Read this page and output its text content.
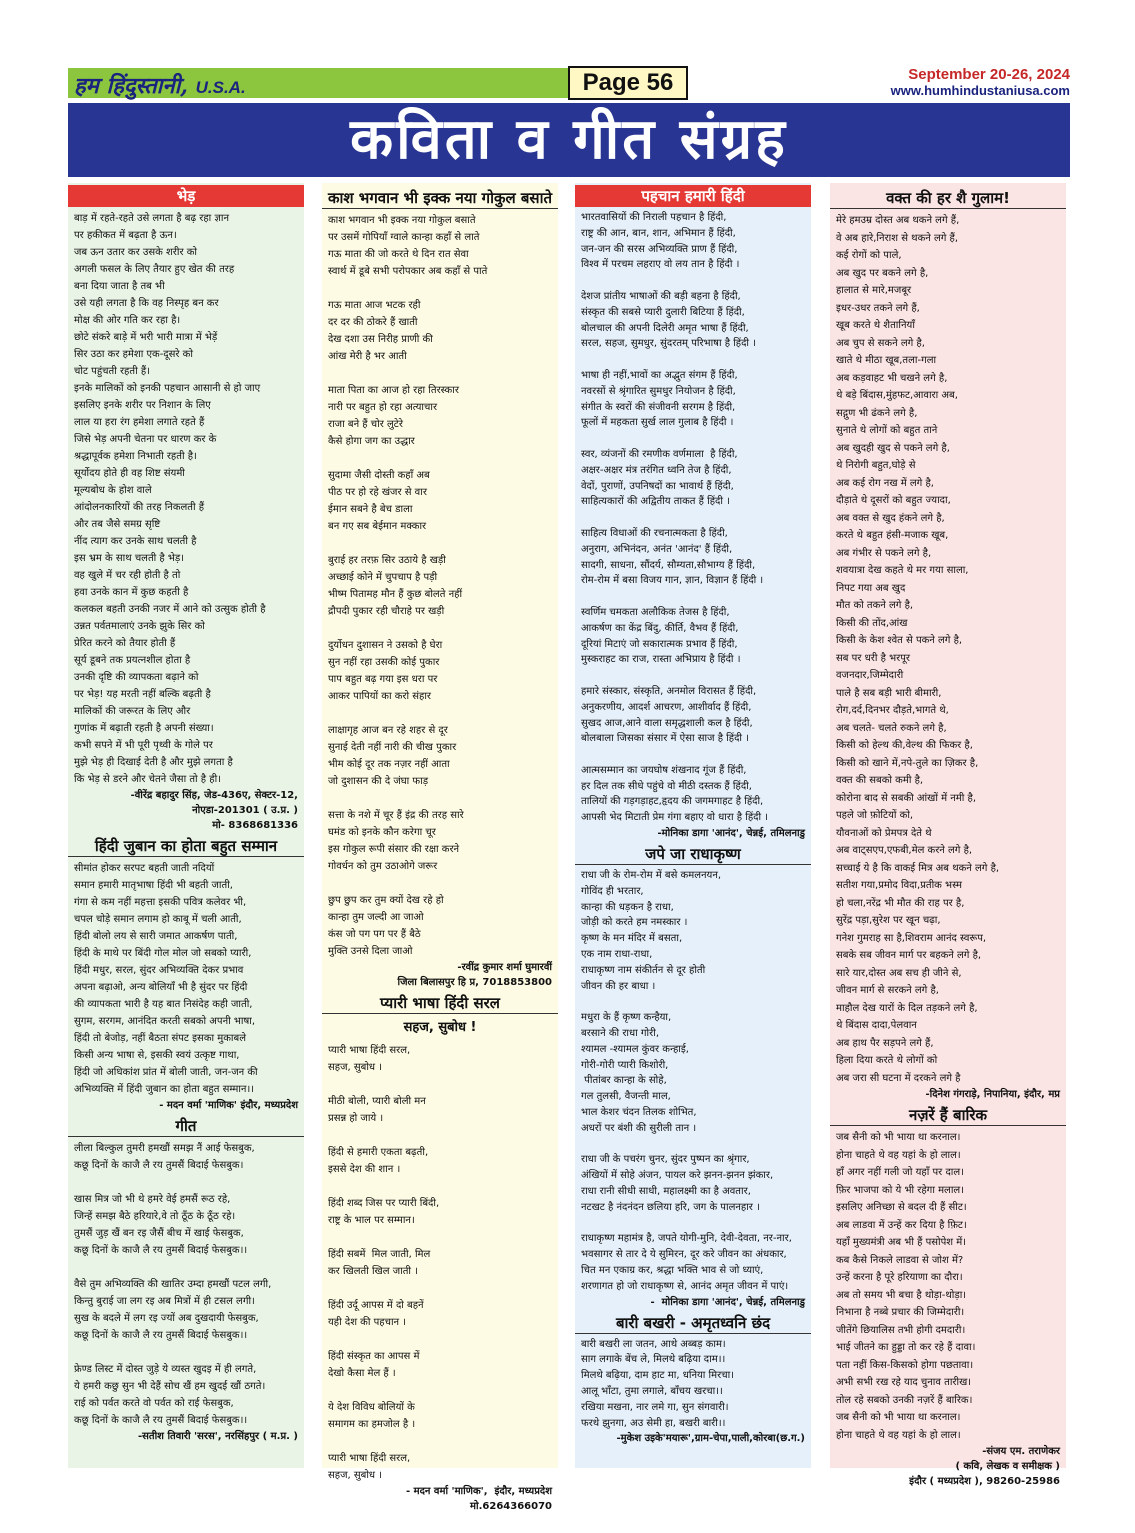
हम हिंदुस्तानी, U.S.A.	Page 56	September 20-26, 2024
www.humhindustaniusa.com
कविता व गीत संग्रह
भेड़
बाड़ में रहते-रहते उसे लगता है बढ़ रहा ज्ञान
पर हकीकत में बढ़ता है ऊन।
जब ऊन उतार कर उसके शरीर को
अगली फसल के लिए तैयार हुए खेत की तरह
बना दिया जाता है तब भी
उसे यही लगता है कि वह निस्पृह बन कर
मोक्ष की ओर गति कर रहा है।
छोटे संकरे बाड़े में भरी भारी मात्रा में भेड़ें
सिर उठा कर हमेशा एक-दूसरे को
चोट पहुंचती रहती हैं।
इनके मालिकों को इनकी पहचान आसानी से हो जाए
इसलिए इनके शरीर पर निशान के लिए
लाल या हरा रंग हमेशा लगाते रहते हैं
जिसे भेड़ अपनी चेतना पर धारण कर के
श्रद्धापूर्वक हमेशा निभाती रहती है।
सूर्योदय होते ही वह शिष्ट संयमी
मूल्यबोध के होश वाले
आंदोलनकारियों की तरह निकलती हैं
और तब जैसे समग्र सृष्टि
नींद त्याग कर उनके साथ चलती है
इस भ्रम के साथ चलती है भेड़।
वह खुले में चर रही होती है तो
हवा उनके कान में कुछ कहती है
कलकल बहती उनकी नजर में आने को उत्सुक होती है
उन्नत पर्वतमालाएं उनके झुके सिर को
प्रेरित करने को तैयार होती हैं
सूर्य डूबने तक प्रयत्नशील होता है
उनकी दृष्टि की व्यापकता बढ़ाने को
पर भेड़! यह मरती नहीं बल्कि बढ़ती है
मालिकों की जरूरत के लिए और
गुणांक में बढ़ाती रहती है अपनी संख्या।
कभी सपने में भी पूरी पृथ्वी के गोले पर
मुझे भेड़ ही दिखाई देती है और मुझे लगता है
कि भेड़ से डरने और चेतने जैसा तो है ही।
-वीरेंद्र बहादुर सिंह, जेड-436ए, सेक्टर-12,
नोएडा-201301 ( उ.प्र. )
मो- 8368681336
हिंदी जुबान का होता बहुत सम्मान
सीमांत होकर सरपट बहती जाती नदियों
समान हमारी मातृभाषा हिंदी भी बहती जाती,
गंगा से कम नहीं महत्ता इसकी पवित्र कलेवर भी,
चपल चोड़े समान लगाम हो काबू में चली आती,
हिंदी बोलो लय से सारी जमात आकर्षण पाती,
हिंदी के माथे पर बिंदी गोल मोल जो सबको प्यारी,
हिंदी मधुर, सरल, सुंदर अभिव्यक्ति देकर प्रभाव
अपना बढ़ाओ, अन्य बोलियाँ भी है सुंदर पर हिंदी
की व्यापकता भारी है यह बात निसंदेह कही जाती,
सुगम, सरगम, आनंदित करती सबको अपनी भाषा,
हिंदी तो बेजोड़, नहीं बैठता संपट इसका मुकाबले
किसी अन्य भाषा से, इसकी स्वयं उत्कृष्ट गाथा,
हिंदी जो अधिकांश प्रांत में बोली जाती, जन-जन की
अभिव्यक्ति में हिंदी जुबान का होता बहुत सम्मान।।
- मदन वर्मा 'माणिक' इंदौर, मध्यप्रदेश
गीत
लीला बिल्कुल तुमरी हमखौं समझ नैं आई फेसबुक,
कछू दिनों के काजै लै रय तुमसैं बिदाई फेसबुक।

खास मित्र जो भी थे हमरे वेई हमसैं रूठ रहे,
जिन्हें समझ बैठे हरियारे,वे तो ठूँठ के ठूँठ रहे।
तुमसैं जुड़ खैं बन रइ जैसैं बीच में खाई फेसबुक,
कछू दिनों के काजै लै रय तुमसैं बिदाई फेसबुक।।

वैसे तुम अभिव्यक्ति की खातिर उम्दा हमखौं पटल लगी,
किन्तु बुराई जा लग रइ अब मित्रों में ही टसल लगी।
सुख के बदले में लग रइ ज्यों अब दुखदायी फेसबुक,
कछू दिनों के काजै लै रय तुमसैं बिदाई फेसबुक।।

फ्रेण्ड लिस्ट में दोस्त जुड़े ये व्यस्त खुदइ में ही लगते,
ये हमरी कछु सुन भी देहैं सोच खैं हम खुदई खौं ठगते।
राई को पर्वत करते वो पर्वत को राई फेसबुक,
कछू दिनों के काजै लै रय तुमसैं बिदाई फेसबुक।।
-सतीश तिवारी 'सरस', नरसिंहपुर ( म.प्र. )
काश भगवान भी इक्क नया गोकुल बसाते
काश भगवान भी इक्क नया गोकुल बसाते
पर उसमें गोपियाँ ग्वाले कान्हा कहाँ से लाते
गऊ माता की जो करते थे दिन रात सेवा
स्वार्थ में डूबे सभी परोपकार अब कहाँ से पाते

गऊ माता आज भटक रही
दर दर की ठोकरे हैं खाती
देख दशा उस निरीह प्राणी की
आंख मेरी है भर आती

माता पिता का आज हो रहा तिरस्कार
नारी पर बहुत हो रहा अत्याचार
राजा बने हैं चोर लुटेरे
कैसे होगा जग का उद्धार

सुदामा जैसी दोस्ती कहाँ अब
पीठ पर हो रहे खंजर से वार
ईमान सबने है बेच डाला
बन गए सब बेईमान मक्कार

बुराई हर तरफ़ सिर उठाये है खड़ी
अच्छाई कोने में चुपचाप है पड़ी
भीष्म पितामह मौन हैं कुछ बोलते नहीं
द्रौपदी पुकार रही चौराहे पर खड़ी

दुर्योधन दुशासन ने उसको है घेरा
सुन नहीं रहा उसकी कोई पुकार
पाप बहुत बढ़ गया इस धरा पर
आकर पापियों का करो संहार

लाक्षागृह आज बन रहे शहर से दूर
सुनाई देती नहीं नारी की चीख पुकार
भीम कोई दूर तक नज़र नहीं आता
जो दुशासन की दे जंघा फाड़

सत्ता के नशे में चूर हैं इंद्र की तरह सारे
घमंड को इनके कौन करेगा चूर
इस गोकुल रूपी संसार की रक्षा करने
गोवर्धन को तुम उठाओगे जरूर

छुप छुप कर तुम क्यों देख रहे हो
कान्हा तुम जल्दी आ जाओ
कंस जो पग पग पर हैं बैठे
मुक्ति उनसे दिला जाओ
-रवींद्र कुमार शर्मा घुमारवीं
जिला बिलासपुर हि प्र, 7018853800
प्यारी भाषा हिंदी सरल
सहज, सुबोध !
प्यारी भाषा हिंदी सरल,
सहज, सुबोध ।

मीठी बोली, प्यारी बोली मन
प्रसन्न हो जाये ।

हिंदी से हमारी एकता बढ़ती,
इससे देश की शान ।

हिंदी शब्द जिस पर प्यारी बिंदी,
राष्ट्र के भाल पर सम्मान।

हिंदी सबमें  मिल जाती, मिल
कर खिलती खिल जाती ।

हिंदी उर्दू आपस में दो बहनें
यही देश की पहचान ।

हिंदी संस्कृत का आपस में
देखो कैसा मेल हैं ।

ये देश विविध बोलियों के
समागम का हमजोल है ।

प्यारी भाषा हिंदी सरल,
सहज, सुबोध ।
- मदन वर्मा 'माणिक',  इंदौर, मध्यप्रदेश
मो.6264366070
पहचान हमारी हिंदी
भारतवासियों की निराली पहचान है हिंदी,
राष्ट्र की आन, बान, शान, अभिमान हैं हिंदी,
जन-जन की सरस अभिव्यक्ति प्राण हैं हिंदी,
विश्व में परचम लहराए वो लय तान है हिंदी ।

देशज प्रांतीय भाषाओं की बड़ी बहना है हिंदी,
संस्कृत की सबसे प्यारी दुलारी बिटिया हैं हिंदी,
बोलचाल की अपनी दिलेरी अमृत भाषा हैं हिंदी,
सरल, सहज, सुमधुर, सुंदरतम् परिभाषा है हिंदी ।

भाषा ही नहीं,भावों का अद्भुत संगम हैं हिंदी,
नवरसों से श्रृंगारित सुमधुर नियोजन है हिंदी,
संगीत के स्वरों की संजीवनी सरगम है हिंदी,
फूलों में महकता सुर्ख लाल गुलाब है हिंदी ।

स्वर, व्यंजनों की रमणीक वर्णमाला  है हिंदी,
अक्षर-अक्षर मंत्र तरंगित ध्वनि तेज है हिंदी,
वेदों, पुराणों, उपनिषदों का भावार्थ हैं हिंदी,
साहित्यकारों की अद्वितीय ताकत हैं हिंदी ।

साहित्य विधाओं की रचनात्मकता है हिंदी,
अनुराग, अभिनंदन, अनंत 'आनंद' हैं हिंदी,
सादगी, साधना, सौंदर्य, सौम्यता,सौभाग्य हैं हिंदी,
रोम-रोम में बसा विजय गान, ज्ञान, विज्ञान हैं हिंदी ।

स्वर्णिम चमकता अलौकिक तेजस है हिंदी,
आकर्षण का केंद्र बिंदु, कीर्ति, वैभव हैं हिंदी,
दूरियां मिटाएं जो सकारात्मक प्रभाव हैं हिंदी,
मुस्कराहट का राज, रास्ता अभिप्राय है हिंदी ।

हमारे संस्कार, संस्कृति, अनमोल विरासत हैं हिंदी,
अनुकरणीय, आदर्श आचरण, आशीर्वाद हैं हिंदी,
सुखद आज,आने वाला समृद्धशाली कल है हिंदी,
बोलबाला जिसका संसार में ऐसा साज है हिंदी ।

आत्मसम्मान का जयघोष शंखनाद गूंज हैं हिंदी,
हर दिल तक सीधे पहुंचे वो मीठी दस्तक हैं हिंदी,
तालियों की गड़गड़ाहट,हृदय की जगमगाहट है हिंदी,
आपसी भेद मिटाती प्रेम गंगा बहाए वो धारा है हिंदी ।
-मोनिका डागा 'आनंद', चेन्नई, तमिलनाडु
जपे जा राधाकृष्ण
राधा जी के रोम-रोम में बसे कमलनयन,
गोविंद ही भरतार,
कान्हा की धड़कन है राधा,
जोड़ी को करते हम नमस्कार ।
कृष्ण के मन मंदिर में बसता,
एक नाम राधा-राधा,
राधाकृष्ण नाम संकीर्तन से दूर होती
जीवन की हर बाधा ।

मधुरा के हैं कृष्ण कन्हैया,
बरसाने की राधा गोरी,
श्यामल -श्यामल कुंवर कन्हाई,
गोरी-गोरी प्यारी किशोरी,
पीतांबर कान्हा के सोहे,
गल तुलसी, वैजन्ती माल,
भाल केशर चंदन तिलक शोभित,
अधरों पर बंशी की सुरीली तान ।

राधा जी के पचरंग चुनर, सुंदर पुष्पन का श्रृंगार,
अंखियों में सोहे अंजन, पायल करे झनन-झनन झंकार,
राधा रानी सीधी साधी, महालक्ष्मी का है अवतार,
नटखट है नंदनंदन छलिया हरि, जग के पालनहार ।

राधाकृष्ण महामंत्र है, जपते योगी-मुनि, देवी-देवता, नर-नार,
भवसागर से तार दे ये सुमिरन, दूर करे जीवन का अंधकार,
चित मन एकाग्र कर, श्रद्धा भक्ति भाव से जो ध्याएं,
शरणागत हो जो राधाकृष्ण से, आनंद अमृत जीवन में पाएं।
-  मोनिका डागा 'आनंद', चेन्नई, तमिलनाडु
बारी बखरी - अमृतध्वनि छंद
बारी बखरी ला जतन, आथे अब्बड़ काम।
साग लगाके बेंच ले, मिलथे बढ़िया दाम।।
मिलथे बढ़िया, दाम हाट मा, धनिया मिरचा।
आलू भाँटा, तुमा लगाले, बाँचय खरचा।।
रखिया मखना, नार लमे गा, सुन संगवारी।
फरथे झुनगा, अउ सेमी हा, बखरी बारी।।
-मुकेश उइके'मयारू',ग्राम-चेपा,पाली,कोरबा(छ.ग.)
वक्त की हर शै गुलाम!
मेरे हमउम्र दोस्त अब थकने लगे हैं,
वे अब हारे,निराश से थकने लगे हैं,
कई रोगों को पाले,
अब खुद पर बकने लगे है,
हालात से मारे,मजबूर
इधर-उधर तकने लगे हैं,
खूब करते थे शैतानियाँ
अब चुप से सकने लगे है,
खाते थे मीठा खूब,तला-गला
अब कड़वाहट भी चखने लगे है,
थे बड़े बिंदास,मुंहफट,आवारा अब,
सद्गुण भी ढंकने लगे है,
सुनाते थे लोगों को बहुत ताने
अब खुदही खुद से पकने लगे है,
थे निरोगी बहुत,घोड़े से
अब कई रोग नख में लगे है,
दौड़ाते थे दूसरों को बहुत ज्यादा,
अब वक्त से खुद हंकने लगे है,
करते थे बहुत हंसी-मजाक खूब,
अब गंभीर से पकने लगे है,
शवयात्रा देख कहते थे मर गया साला,
निपट गया अब खुद
मौत को तकने लगे है,
किसी की तोंद,आंख
किसी के केश श्वेत से पकने लगे है,
सब पर धरी है भरपूर
वजनदार,जिम्मेदारी
पाले है सब बड़ी भारी बीमारी,
रोग,दर्द,दिनभर दौड़ते,भागते थे,
अब चलते- चलते रुकने लगे है,
किसी को हेल्थ की,वेल्थ की फिकर है,
किसी को खाने में,नपे-तुले का ज़िकर है,
वक्त की सबको कमी है,
कोरोना बाद से सबकी आंखों में नमी है,
पहले जो फ़ोटियों को,
यौवनाओं को प्रेमपत्र देते थे
अब वाट्सएप,एफबी,मेल करने लगे है,
सच्चाई ये है कि वाकई मित्र अब थकने लगे है,
सतीश गया,प्रमोद विदा,प्रतीक भस्म
हो चला,नरेंद्र भी मौत की राह पर है,
सुरेंद्र पड़ा,सुरेश पर खून चढ़ा,
गनेश गुमराह सा है,शिवराम आनंद स्वरूप,
सबके सब जीवन मार्ग पर बहकने लगे है,
सारे यार,दोस्त अब सच ही जीने से,
जीवन मार्ग से सरकने लगे है,
माहौल देख यारों के दिल तड़कने लगे है,
थे बिंदास दादा,पेलवान
अब हाथ पैर सड़पने लगे हैं,
हिला दिया करते थे लोगों को
अब जरा सी घटना में दरकने लगे है
-दिनेश गंगराड़े, निपानिया, इंदौर, मप्र
नज़रें हैं बारिक
जब सैनी को भी भाया था करनाल।
होना चाहते थे वह यहां के हो लाल।
हाँ अगर नहीं गली जो यहाँ पर दाल।
फ़िर भाजपा को ये भी रहेगा मलाल।
इसलिए अनिच्छा से बदल दी हैं सीट।
अब लाडवा में उन्हें कर दिया है फ़िट।
यहाँ मुख्यमंत्री अब भी हैं पसोपेश में।
कब कैसे निकले लाडवा से जोश में?
उन्हें करना है पूरे हरियाणा का दौरा।
अब तो समय भी बचा है थोड़ा-थोड़ा।
निभाना है नब्बे प्रचार की जिम्मेदारी।
जीतेंगे छियालिस तभी होगी दमदारी।
भाई जीतने का हुड्डा तो कर रहे हैं दावा।
पता नहीं किस-किसको होगा पछतावा।
अभी सभी रख रहे याद चुनाव तारीख।
तोल रहे सबको उनकी नज़रें हैं बारिक।
जब सैनी को भी भाया था करनाल।
होना चाहते थे वह यहां के हो लाल।
-संजय एम. तराणेकर
( कवि, लेखक व समीक्षक )
इंदौर ( मध्यप्रदेश ), 98260-25986
